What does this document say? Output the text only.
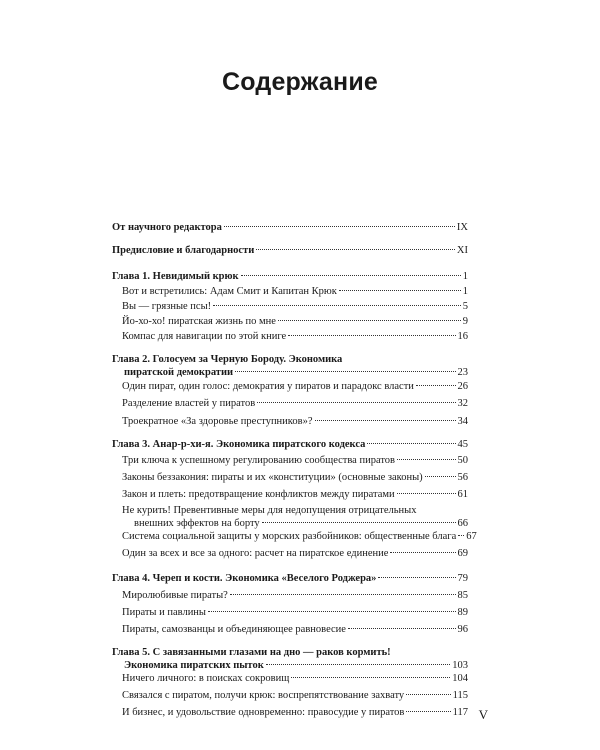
Содержание
От научного редактора	IX
Предисловие и благодарности	XI
Глава 1. Невидимый крюк	1
Вот и встретились: Адам Смит и Капитан Крюк	1
Вы — грязные псы!	5
Йо-хо-хо! пиратская жизнь по мне	9
Компас для навигации по этой книге	16
Глава 2. Голосуем за Черную Бороду. Экономика
пиратской демократии	23
Один пират, один голос: демократия у пиратов и парадокс власти	26
Разделение властей у пиратов	32
Троекратное «За здоровье преступников»?	34
Глава 3. Анар-р-хи-я. Экономика пиратского кодекса	45
Три ключа к успешному регулированию сообщества пиратов	50
Законы беззакония: пираты и их «конституции» (основные законы)	56
Закон и плеть: предотвращение конфликтов между пиратами	61
Не курить! Превентивные меры для недопущения отрицательных
внешних эффектов на борту	66
Система социальной защиты у морских разбойников: общественные блага 67
Один за всех и все за одного: расчет на пиратское единение	69
Глава 4. Череп и кости. Экономика «Веселого Роджера»	79
Миролюбивые пираты?	85
Пираты и павлины	89
Пираты, самозванцы и объединяющее равновесие	96
Глава 5. С завязанными глазами на дно — раков кормить!
Экономика пиратских пыток	103
Ничего личного: в поисках сокровищ	104
Связался с пиратом, получи крюк: воспрепятствование захвату	115
И бизнес, и удовольствие одновременно: правосудие у пиратов	117 V
